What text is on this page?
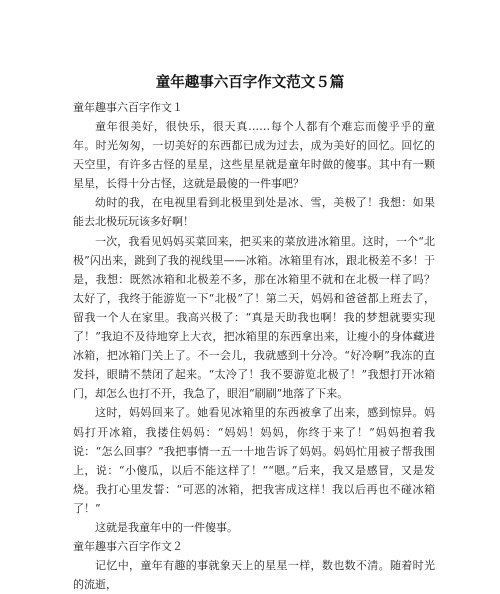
童年趣事六百字作文范文５篇

童年趣事六百字作文１

童年很美好，很快乐，很天真……每个人都有个难忘而傻乎乎的童年。时光匆匆，一切美好的东西都已成为过去，成为美好的回忆。回忆的天空里，有许多古怪的星星，这些星星就是童年时做的傻事。其中有一颗星星，长得十分古怪，这就是最傻的一件事吧？

幼时的我，在电视里看到北极里到处是冰、雪，美极了！我想：如果能去北极玩玩该多好啊！

一次，我看见妈妈买菜回来，把买来的菜放进冰箱里。这时，一个“北极”闪出来，跳到了我的视线里——冰箱。冰箱里有冰，跟北极差不多！于是，我想：既然冰箱和北极差不多，那在冰箱里不就和在北极一样了吗？太好了，我终于能游览一下“北极”了！第二天，妈妈和爸爸都上班去了，留我一个人在家里。我高兴极了：“真是天助我也啊！我的梦想就要实现了！”我迫不及待地穿上大衣，把冰箱里的东西拿出来，让瘦小的身体藏进冰箱，把冰箱门关上了。不一会儿，我就感到十分冷。“好冷啊”我冻的直发抖，眼睛不禁闭了起来。“太冷了！我不要游览北极了！”我想打开冰箱门，却怎么也打不开，我急了，眼泪“刷刷”地落了下来。

这时，妈妈回来了。她看见冰箱里的东西被拿了出来，感到惊异。妈妈打开冰箱，我搂住妈妈：“妈妈！妈妈，你终于来了！”妈妈抱着我说：“怎么回事？”我把事情一五一十地告诉了妈妈。妈妈忙用被子帮我围上，说：“小傻瓜，以后不能这样了！”“嗯。”后来，我又是感冒，又是发烧。我打心里发誓：“可恶的冰箱，把我害成这样！我以后再也不碰冰箱了！”

这就是我童年中的一件傻事。

童年趣事六百字作文２

记忆中，童年有趣的事就象天上的星星一样，数也数不清。随着时光的流逝，
